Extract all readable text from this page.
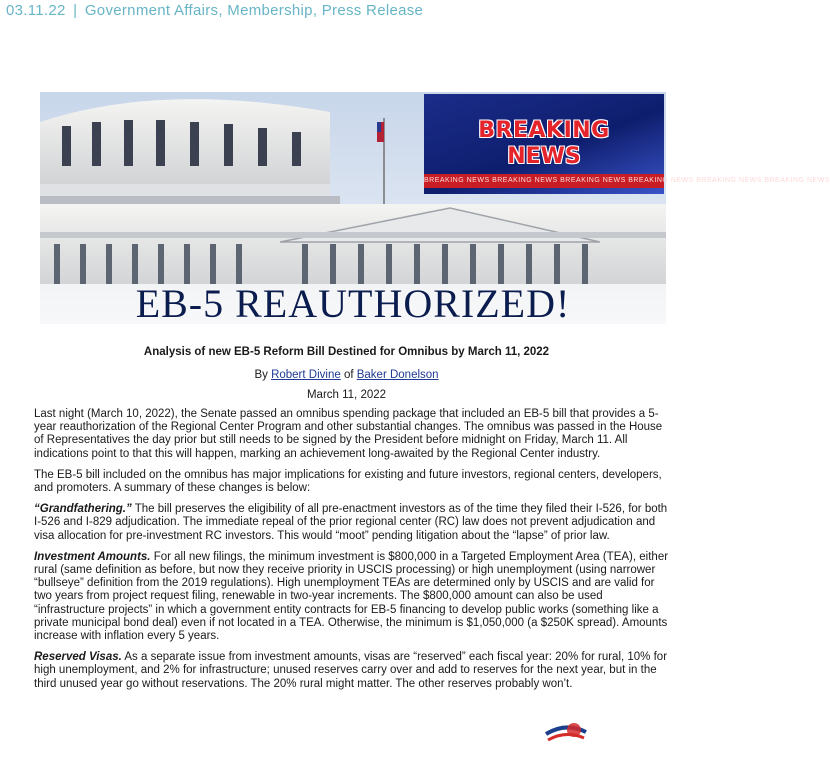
03.11.22 | Government Affairs, Membership, Press Release
BREAKING
NEWS
BREAKING NEWS BREAKING NEWS BREAKING NEWS BREAKING NEWS BREAKING NEWS BREAKING NEWS
EB-5 REAUTHORIZED!
Analysis of new EB-5 Reform Bill Destined for Omnibus by March 11, 2022
By Robert Divine of Baker Donelson
March 11, 2022

Last night (March 10, 2022), the Senate passed an omnibus spending package that included an EB-5 bill that provides a 5-year reauthorization of the Regional Center Program and other substantial changes. The omnibus was passed in the House of Representatives the day prior but still needs to be signed by the President before midnight on Friday, March 11. All indications point to that this will happen, marking an achievement long-awaited by the Regional Center industry.

The EB-5 bill included on the omnibus has major implications for existing and future investors, regional centers, developers, and promoters. A summary of these changes is below:

“Grandfathering.” The bill preserves the eligibility of all pre-enactment investors as of the time they filed their I-526, for both I-526 and I-829 adjudication. The immediate repeal of the prior regional center (RC) law does not prevent adjudication and visa allocation for pre-investment RC investors. This would “moot” pending litigation about the “lapse” of prior law.

Investment Amounts. For all new filings, the minimum investment is $800,000 in a Targeted Employment Area (TEA), either rural (same definition as before, but now they receive priority in USCIS processing) or high unemployment (using narrower “bullseye” definition from the 2019 regulations). High unemployment TEAs are determined only by USCIS and are valid for two years from project request filing, renewable in two-year increments. The $800,000 amount can also be used “infrastructure projects” in which a government entity contracts for EB-5 financing to develop public works (something like a private municipal bond deal) even if not located in a TEA. Otherwise, the minimum is $1,050,000 (a $250K spread). Amounts increase with inflation every 5 years.

Reserved Visas. As a separate issue from investment amounts, visas are “reserved” each fiscal year: 20% for rural, 10% for high unemployment, and 2% for infrastructure; unused reserves carry over and add to reserves for the next year, but in the third unused year go without reservations. The 20% rural might matter. The other reserves probably won’t.
